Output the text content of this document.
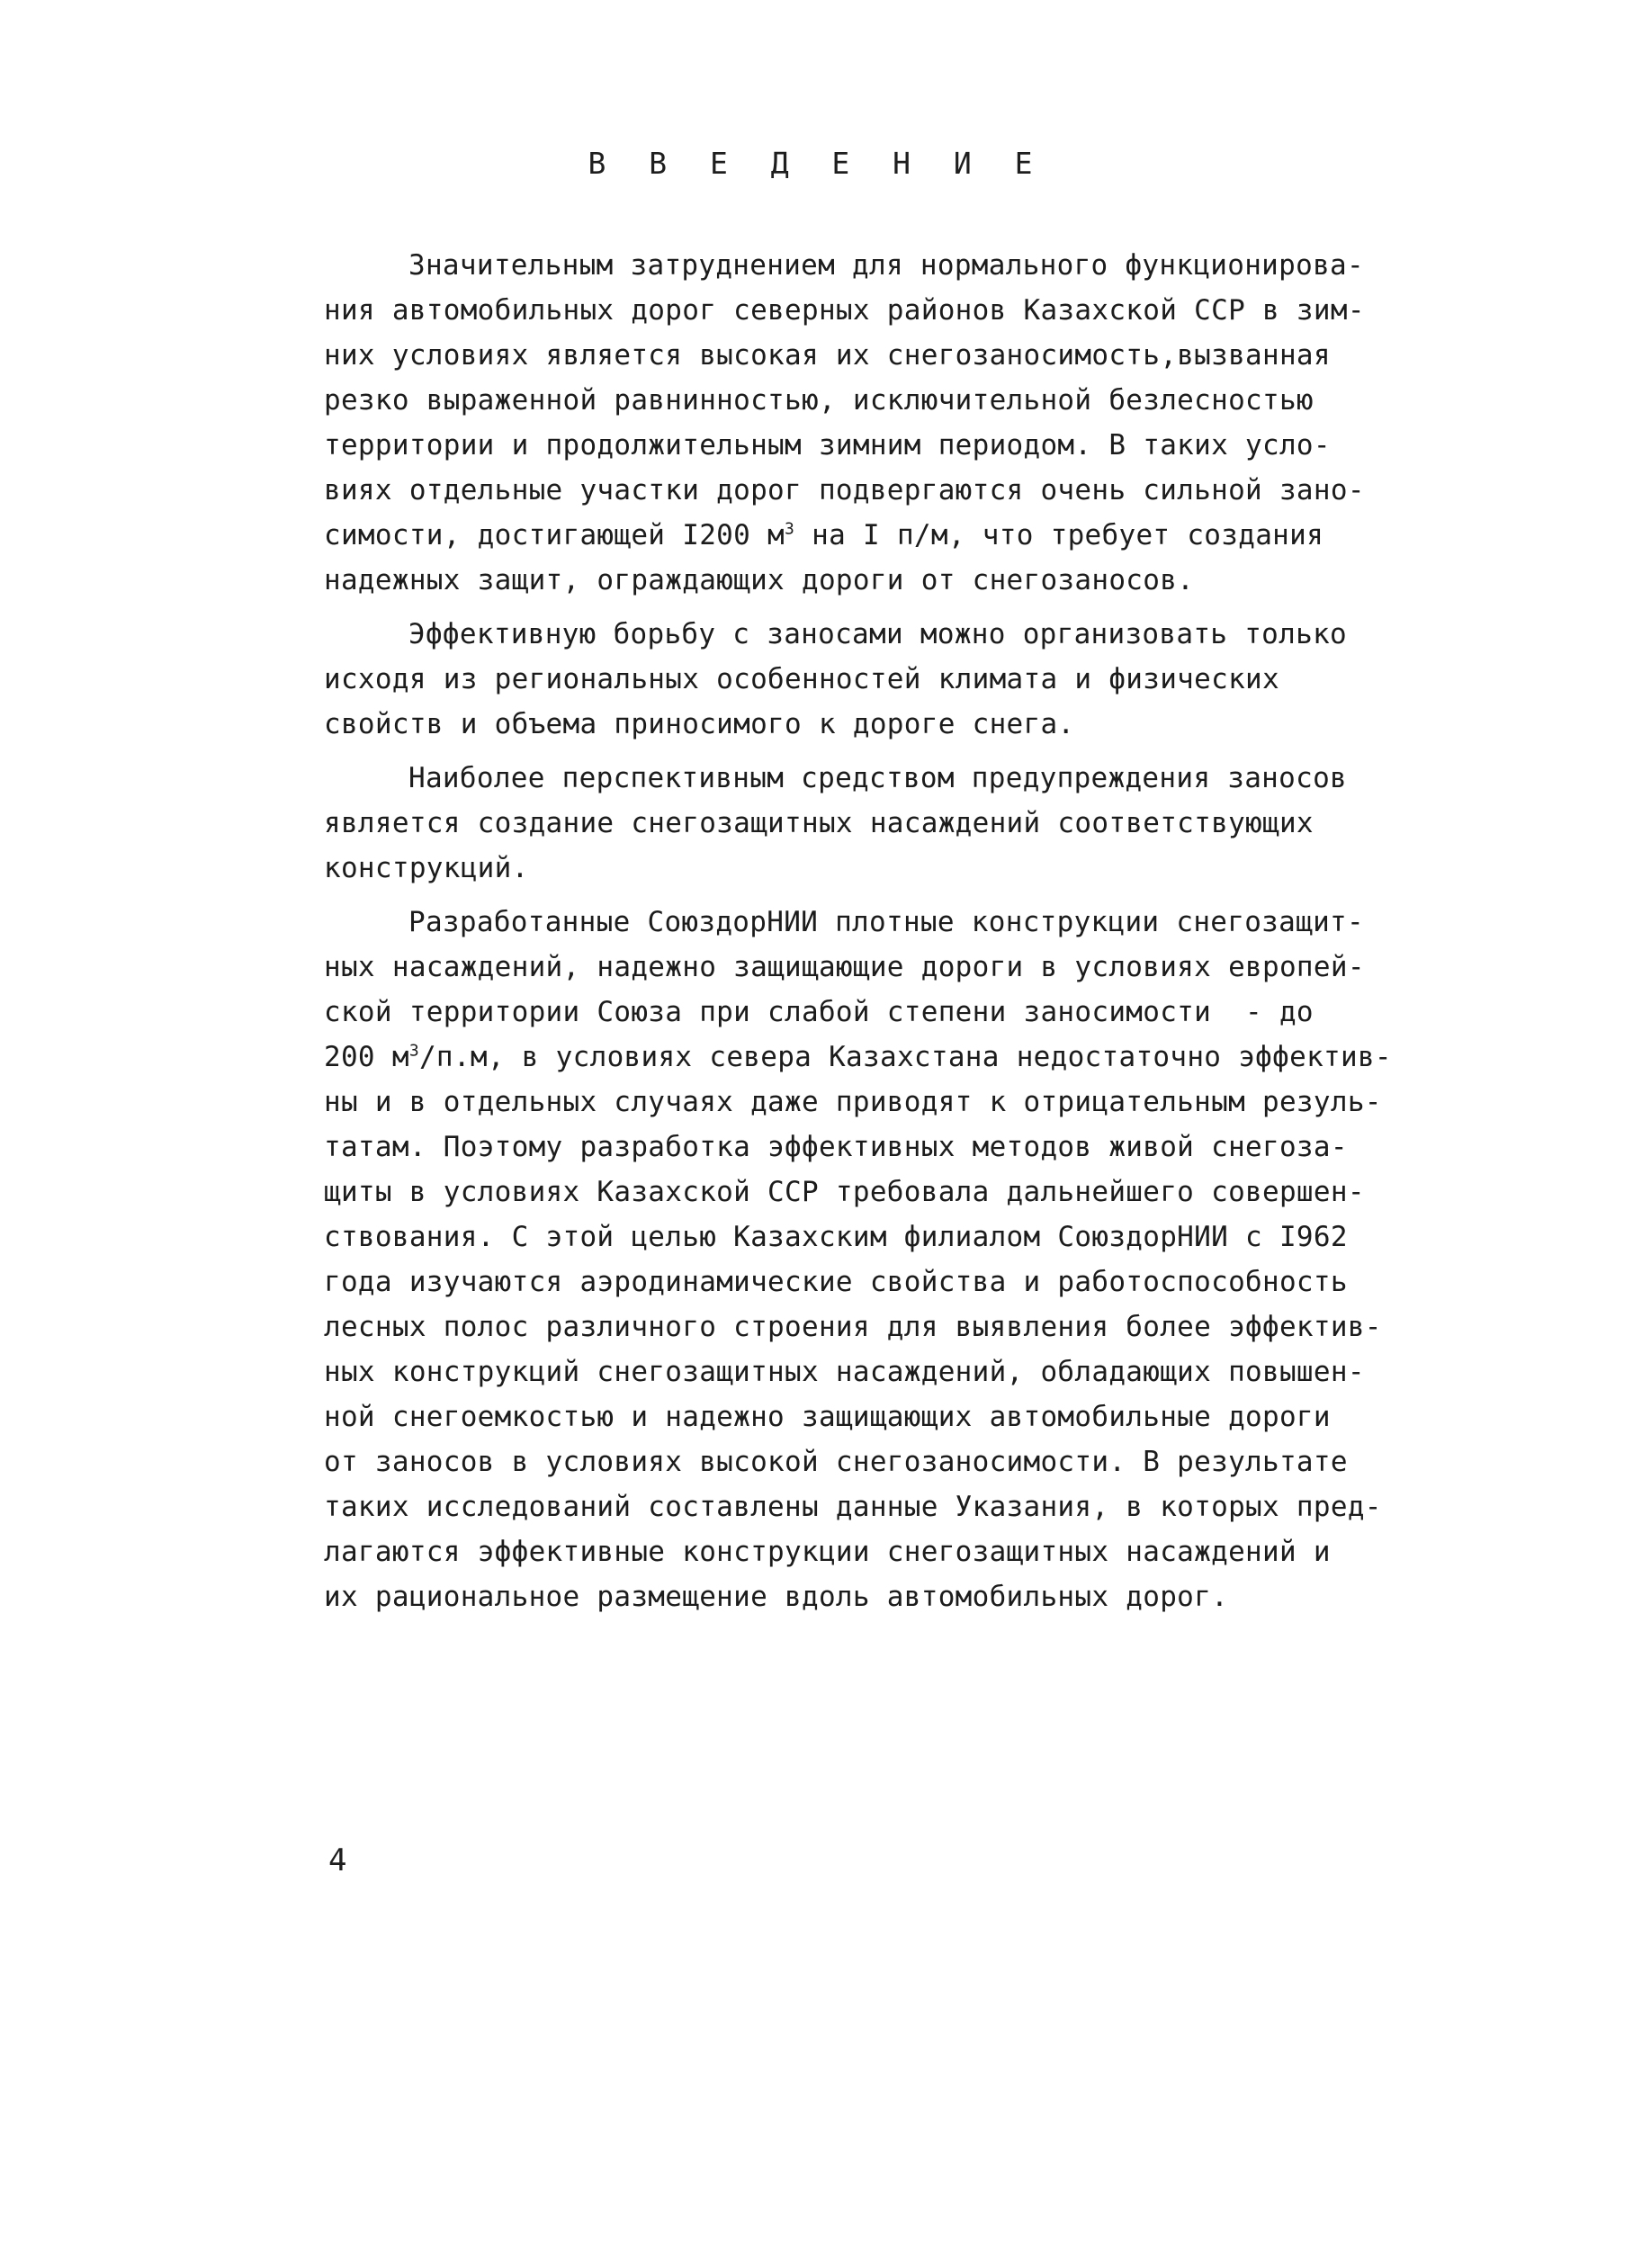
В В Е Д Е Н И Е
Значительным затруднением для нормального функционирова-
ния автомобильных дорог северных районов Казахской ССР в зим-
них условиях является высокая их снегозаносимость,вызванная
резко выраженной равнинностью, исключительной безлесностью
территории и продолжительным зимним периодом. В таких усло-
виях отдельные участки дорог подвергаются очень сильной зано-
симости, достигающей I200 $м^3$ на I п/м, что требует создания
надежных защит, ограждающих дороги от снегозаносов.
Эффективную борьбу с заносами можно организовать только
исходя из региональных особенностей климата и физических
свойств и объема приносимого к дороге снега.
Наиболее перспективным средством предупреждения заносов
является создание снегозащитных насаждений соответствующих
конструкций.
Разработанные СоюздорНИИ плотные конструкции снегозащит-
ных насаждений, надежно защищающие дороги в условиях европей-
ской территории Союза при слабой степени заносимости  - до
200 $м^3/п.м$, в условиях севера Казахстана недостаточно эффектив-
ны и в отдельных случаях даже приводят к отрицательным резуль-
татам. Поэтому разработка эффективных методов живой снегоза-
щиты в условиях Казахской ССР требовала дальнейшего совершен-
ствования. С этой целью Казахским филиалом СоюздорНИИ с I962
года изучаются аэродинамические свойства и работоспособность
лесных полос различного строения для выявления более эффектив-
ных конструкций снегозащитных насаждений, обладающих повышен-
ной снегоемкостью и надежно защищающих автомобильные дороги
от заносов в условиях высокой снегозаносимости. В результате
таких исследований составлены данные Указания, в которых пред-
лагаются эффективные конструкции снегозащитных насаждений и
их рациональное размещение вдоль автомобильных дорог.
4
